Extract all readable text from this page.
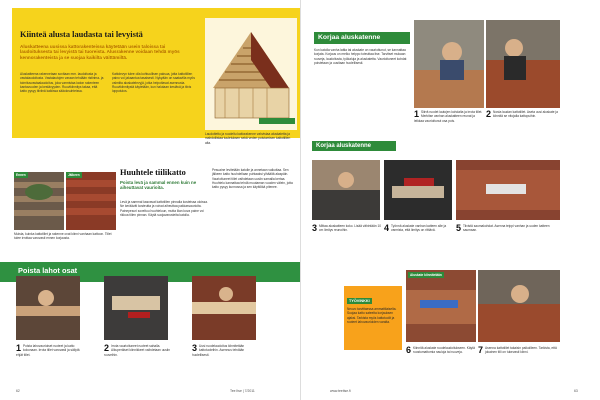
Kiinteä alusta laudasta tai levyistä
Aluskatteena uusissa kattorakenteissa käytetään usein taloissa tai laudoituksesta tai levyistä tai tuoreista. Alusrakenne voidaan tehdä myös kennorakenteista ja se suojaa kaikilta väittämiltä.
Aluskatteena rakennetaan sovitaan mm. laudoitusta ja vastalaudoitusta. Vastalautojen varaan tehdään ristirima- ja toimitusvastaalaudoitus, joka varmistaa katon rakenteen kantavuuden ja kestävyyden. Ruuvikiinnitys takaa, että katto pysyy tiiviinä kaikissa sääolosuhteissa.
Kattolevyn tulee olla kohtuullisen paksua, jotta kattotiilien paino voi jakaantua tasaisesti. Nykyään on saatavilla myös valmiita aluskatelevyjä, jotka helpottavat asennusta. Ruuvikiinnitystä käytetään, kun halutaan kestävä ja tiivis lopputulos.
Laudoitettu ja ruodeltu kattorakenne vahvistaa aluskatetta ja mahdollistaa tuuletuksen sekä veden poistumisen kattotiilien alta.
Ennen	Jälkeen
Muista, kuinka kattotiilet ja rakenne ovat kiinni vanhaan kattoon. Tiilet tulee irrottaa varovasti ennen korjausta.
Huuhtele tiilikatto
Poista levä ja sammal ennen kuin ne aiheuttavat vaurioita.
Levä ja sammal kasvavat kattotiilen pinnalla kosteissa oloissa. Ne keräävät kosteutta ja voivat aiheuttaa pakkasvaurioita. Painepesuri soveltuu huuhteluun, mutta liian kova paine voi rikkoa tiilen pinnan. Käytä suojavarusteita katolla.
Pesuaine levitetään katolle ja annetaan vaikuttaa. Sen jälkeen katto huuhdellaan puhtaaksi ylhäältä alaspäin. Vaurioituneet tiilet vaihdetaan uusiin samalla kertaa. Huuhtelu kannattaa tehdä muutaman vuoden välein, jotta katto pysyy kunnossa ja sen käyttöikä pitenee.
Poista lahot osat
1 Poista lahovaurioiset ruoteet ja katto kokonaan. Irrota tiilet varovasti ja säilytä ehjät tiilet.
2 Irrota vaurioituneet ruoteet sahalla. Alkuperäiset kiinnikkeet vaihdetaan uusiin ruuveihin.
3 Uusi ruodelaudoitus kiinnitetään kattotuoleihin. Asennus tehdään huolellisesti.
62	Tee Itse | 7/2011
Korjaa aluskatenne
Kun katolla vanha lattia tai aluskate on vaurioitunut, se kannattaa korjata. Korjaus on melko helppo toteuttaa itse. Tarvitset mukaan ruuveja, laudoitusta, työkaluja ja aluskatetta. Vaurioituneet kohdat poistetaan ja uusitaan huolellisesti.
1 Siirrä ruodet lautojen kohdalta ja irrota tiilet. Merkitse vanhan aluskatteen reunat ja leikkaa vaurioitunut osa pois.
2 Nosta laudan kattotiilet. Aseta uusi aluskate ja kiinnitä se nitojalla kattopuihin.
Korjaa aluskatenne
3 Mittaa aluskatteen koko. Lisää vähintään 10 cm limitys reunoihin.	4 Työnnä aluskate vanhan katteen alle ja varmista, että limitys on riittävä.	5 Tiivistä saumakohdat. Asenna teippi vanhan ja uuden katteen saumaan.
TYÖVINKKI
Neuvo tarvittaessa ammattilaiselta. Suojaa katto sateelta korjauksen ajaksi. Tarkista myös kattotuolit ja ruoteet lahovaurioiden varalta.
Aluskate kiinnitetään
6 Kiinnitä aluskate ruodelaudoitukseen. Käytä ruostumattomia nauloja tai ruuveja.	7 Asenna kattotiilet takaisin paikoilleen. Tarkista, että jokainen tiili on tukevasti kiinni.
www.teeitse.fi	63
